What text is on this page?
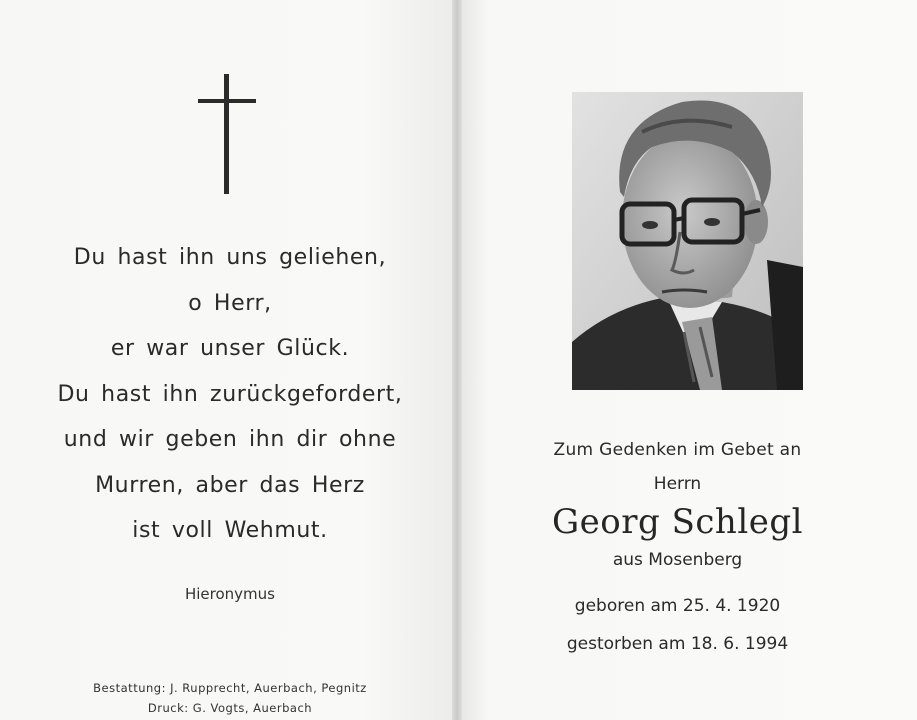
Du hast ihn uns geliehen,
o Herr,
er war unser Glück.
Du hast ihn zurückgefordert,
und wir geben ihn dir ohne
Murren, aber das Herz
ist voll Wehmut.
Hieronymus
Bestattung: J. Rupprecht, Auerbach, Pegnitz
Druck: G. Vogts, Auerbach
Zum Gedenken im Gebet an
Herrn
Georg Schlegl
aus Mosenberg
geboren am 25. 4. 1920
gestorben am 18. 6. 1994
